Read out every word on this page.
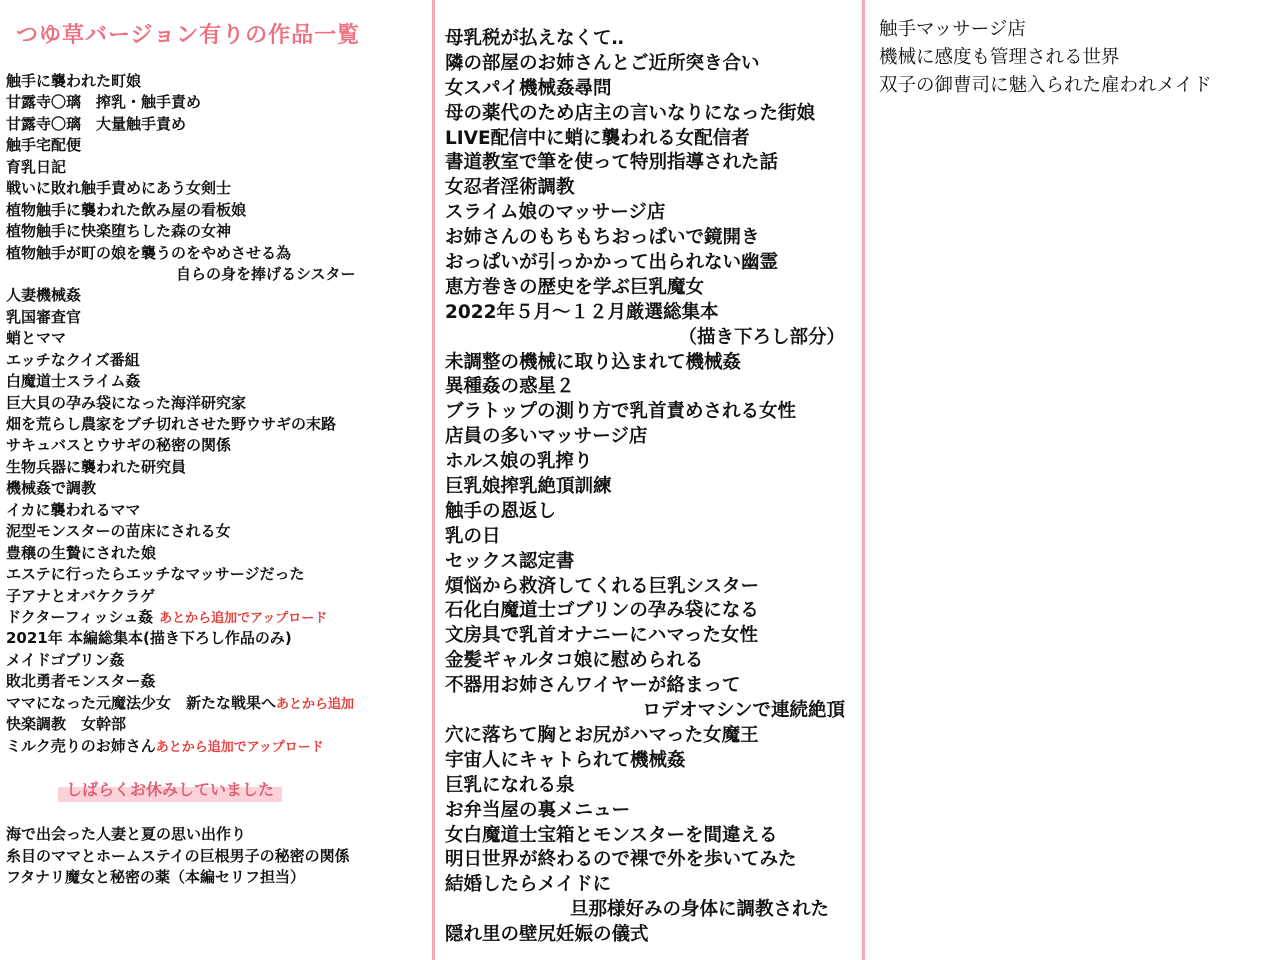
つゆ草バージョン有りの作品一覧
触手に襲われた町娘
甘露寺〇璃　搾乳・触手責め
甘露寺〇璃　大量触手責め
触手宅配便
育乳日記
戦いに敗れ触手責めにあう女剣士
植物触手に襲われた飲み屋の看板娘
植物触手に快楽堕ちした森の女神
植物触手が町の娘を襲うのをやめさせる為
自らの身を捧げるシスター
人妻機械姦
乳国審査官
蛸とママ
エッチなクイズ番組
白魔道士スライム姦
巨大貝の孕み袋になった海洋研究家
畑を荒らし農家をブチ切れさせた野ウサギの末路
サキュバスとウサギの秘密の関係
生物兵器に襲われた研究員
機械姦で調教
イカに襲われるママ
泥型モンスターの苗床にされる女
豊穣の生贄にされた娘
エステに行ったらエッチなマッサージだった
子アナとオバケクラゲ
ドクターフィッシュ姦 あとから追加でアップロード
2021年 本編総集本(描き下ろし作品のみ)
メイドゴブリン姦
敗北勇者モンスター姦
ママになった元魔法少女　新たな戦果へあとから追加
快楽調教　女幹部
ミルク売りのお姉さんあとから追加でアップロード
しばらくお休みしていました
海で出会った人妻と夏の思い出作り
糸目のママとホームステイの巨根男子の秘密の関係
フタナリ魔女と秘密の薬（本編セリフ担当）
母乳税が払えなくて‥
隣の部屋のお姉さんとご近所突き合い
女スパイ機械姦尋問
母の薬代のため店主の言いなりになった街娘
LIVE配信中に蛸に襲われる女配信者
書道教室で筆を使って特別指導された話
女忍者淫術調教
スライム娘のマッサージ店
お姉さんのもちもちおっぱいで鏡開き
おっぱいが引っかかって出られない幽霊
恵方巻きの歴史を学ぶ巨乳魔女
2022年５月〜１２月厳選総集本
（描き下ろし部分）
未調整の機械に取り込まれて機械姦
異種姦の惑星２
ブラトップの測り方で乳首責めされる女性
店員の多いマッサージ店
ホルス娘の乳搾り
巨乳娘搾乳絶頂訓練
触手の恩返し
乳の日
セックス認定書
煩悩から救済してくれる巨乳シスター
石化白魔道士ゴブリンの孕み袋になる
文房具で乳首オナニーにハマった女性
金髪ギャルタコ娘に慰められる
不器用お姉さんワイヤーが絡まって
ロデオマシンで連続絶頂
穴に落ちて胸とお尻がハマった女魔王
宇宙人にキャトられて機械姦
巨乳になれる泉
お弁当屋の裏メニュー
女白魔道士宝箱とモンスターを間違える
明日世界が終わるので裸で外を歩いてみた
結婚したらメイドに
旦那様好みの身体に調教された
隠れ里の壁尻妊娠の儀式
触手マッサージ店
機械に感度も管理される世界
双子の御曹司に魅入られた雇われメイド
